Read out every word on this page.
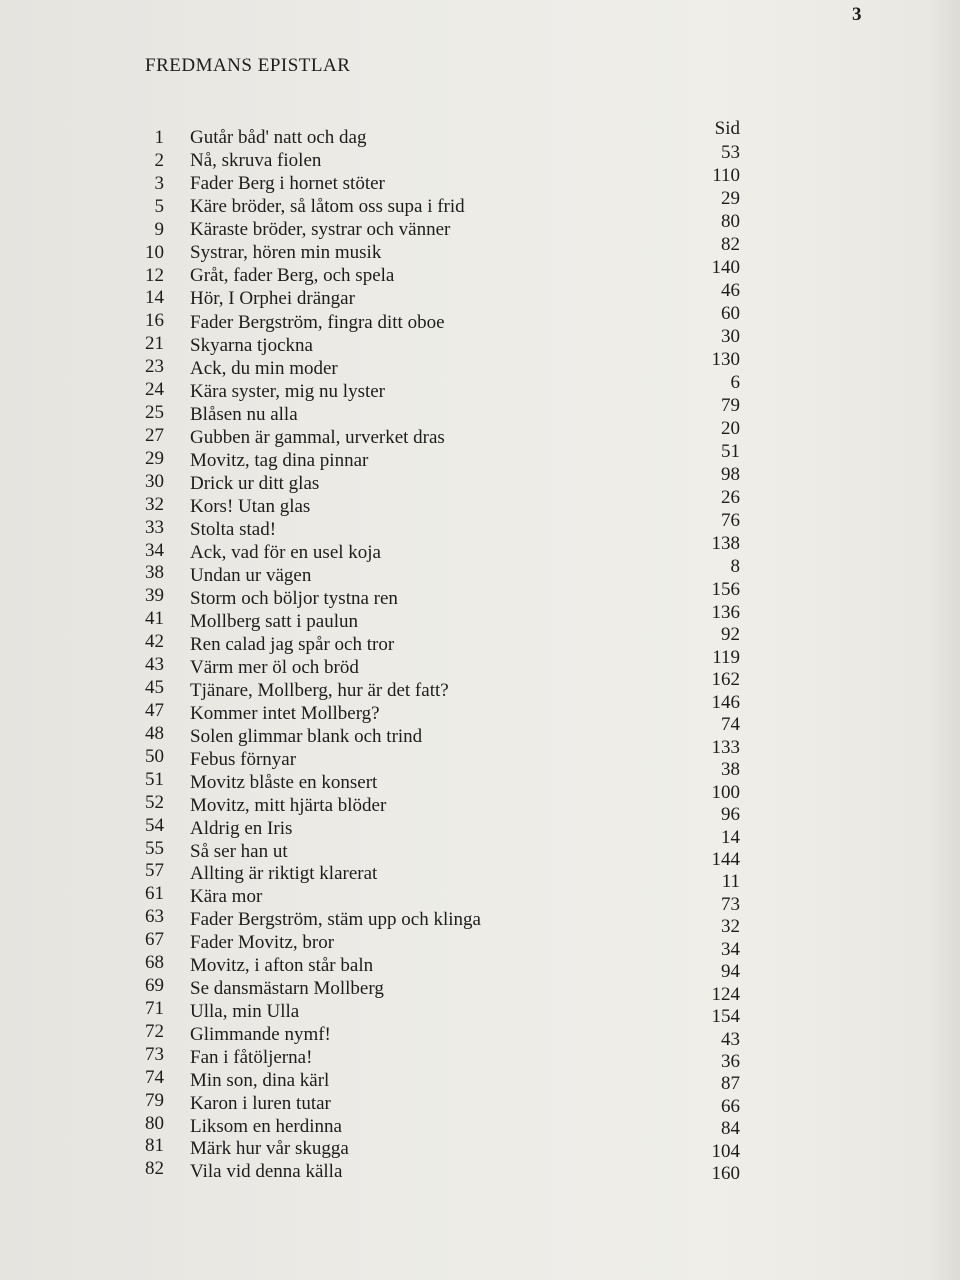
3
FREDMANS EPISTLAR
Sid
1 Gutår båd' natt och dag
2 Nå, skruva fiolen
3 Fader Berg i hornet stöter
5 Käre bröder, så låtom oss supa i frid
9 Käraste bröder, systrar och vänner
10 Systrar, hören min musik
12 Gråt, fader Berg, och spela
14 Hör, I Orphei drängar
16 Fader Bergström, fingra ditt oboe
21 Skyarna tjockna
23 Ack, du min moder
24 Kära syster, mig nu lyster
25 Blåsen nu alla
27 Gubben är gammal, urverket dras
29 Movitz, tag dina pinnar
30 Drick ur ditt glas
32 Kors! Utan glas
33 Stolta stad!
34 Ack, vad för en usel koja
38 Undan ur vägen
39 Storm och böljor tystna ren
41 Mollberg satt i paulun
42 Ren calad jag spår och tror
43 Värm mer öl och bröd
45 Tjänare, Mollberg, hur är det fatt?
47 Kommer intet Mollberg?
48 Solen glimmar blank och trind
50 Febus förnyar
51 Movitz blåste en konsert
52 Movitz, mitt hjärta blöder
54 Aldrig en Iris
55 Så ser han ut
57 Allting är riktigt klarerat
61 Kära mor
63 Fader Bergström, stäm upp och klinga
67 Fader Movitz, bror
68 Movitz, i afton står baln
69 Se dansmästarn Mollberg
71 Ulla, min Ulla
72 Glimmande nymf!
73 Fan i fåtöljerna!
74 Min son, dina kärl
79 Karon i luren tutar
80 Liksom en herdinna
81 Märk hur vår skugga
82 Vila vid denna källa
53
110
29
80
82
140
46
60
30
130
6
79
20
51
98
26
76
138
8
156
136
92
119
162
146
74
133
38
100
96
14
144
11
73
32
34
94
124
154
43
36
87
66
84
104
160
